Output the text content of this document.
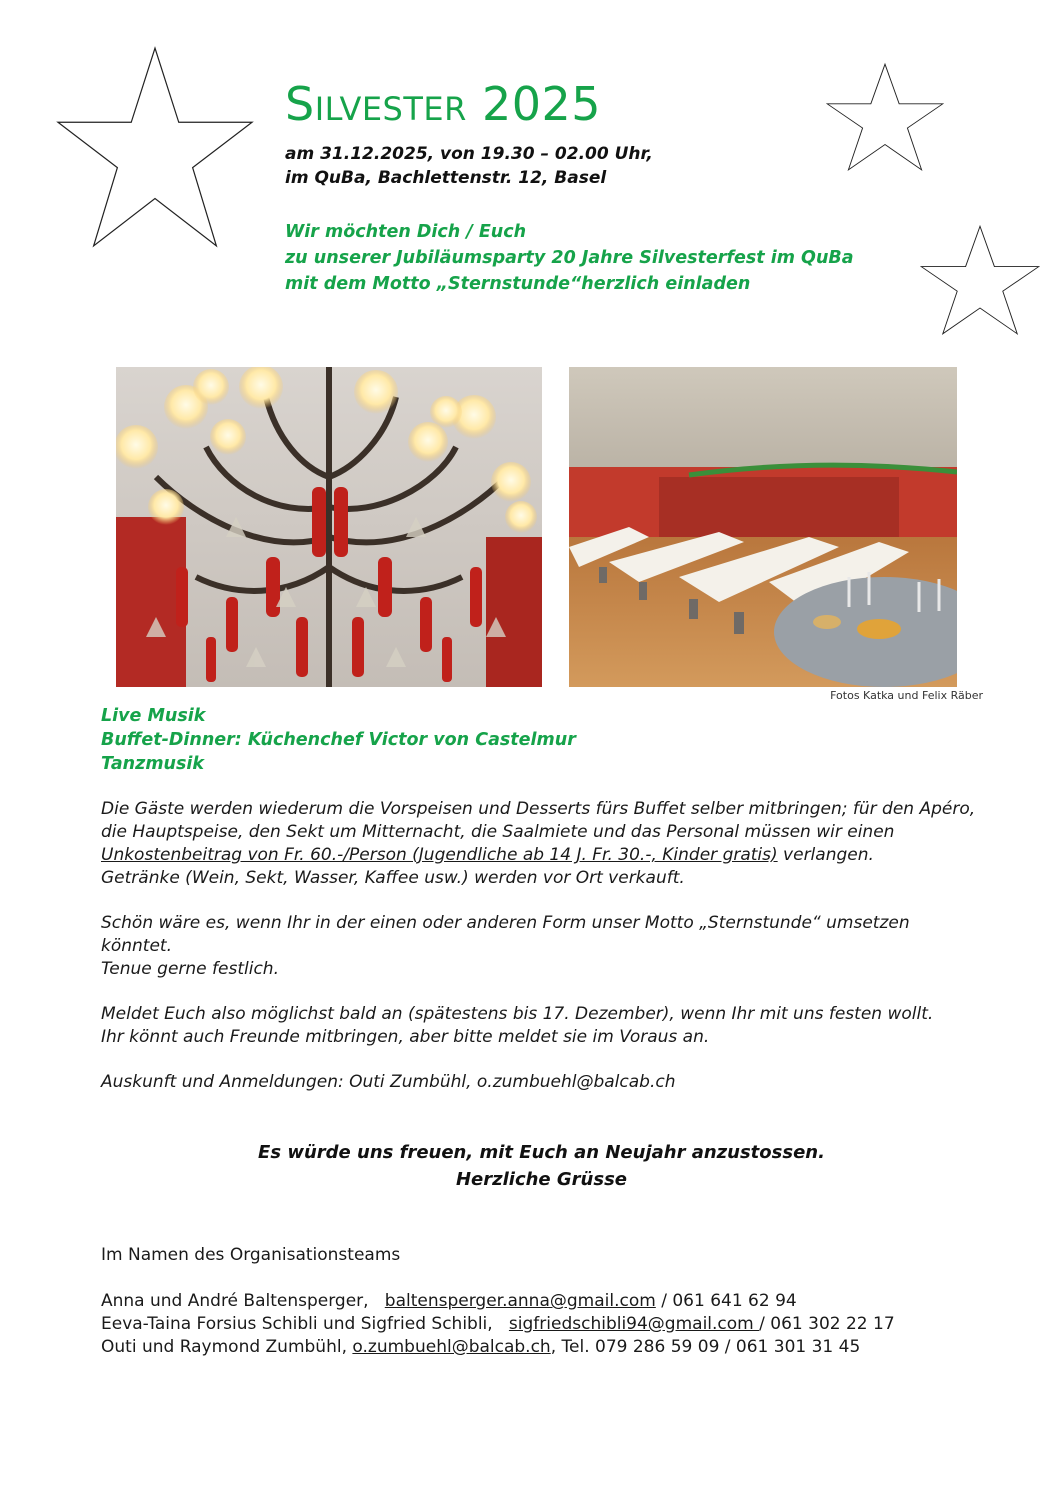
Silvester 2025
am 31.12.2025, von 19.30 – 02.00 Uhr,
im QuBa, Bachlettenstr. 12, Basel
Wir möchten Dich / Euch
zu unserer Jubiläumsparty 20 Jahre Silvesterfest im QuBa
mit dem Motto „Sternstunde“herzlich einladen
Fotos Katka und Felix Räber
Live Musik
Buffet-Dinner: Küchenchef Victor von Castelmur
Tanzmusik

Die Gäste werden wiederum die Vorspeisen und Desserts fürs Buffet selber mitbringen; für den Apéro, die Hauptspeise, den Sekt um Mitternacht, die Saalmiete und das Personal müssen wir einen Unkostenbeitrag von Fr. 60.-/Person (Jugendliche ab 14 J. Fr. 30.-, Kinder gratis) verlangen.

Getränke (Wein, Sekt, Wasser, Kaffee usw.) werden vor Ort verkauft.

Schön wäre es, wenn Ihr in der einen oder anderen Form unser Motto „Sternstunde“ umsetzen könntet.

Tenue gerne festlich.

Meldet Euch also möglichst bald an (spätestens bis 17. Dezember), wenn Ihr mit uns festen wollt.

Ihr könnt auch Freunde mitbringen, aber bitte meldet sie im Voraus an.

Auskunft und Anmeldungen: Outi Zumbühl, o.zumbuehl@balcab.ch

Es würde uns freuen, mit Euch an Neujahr anzustossen.
Herzliche Grüsse
Im Namen des Organisationsteams
Anna und André Baltensperger, baltensperger.anna@gmail.com / 061 641 62 94
Eeva-Taina Forsius Schibli und Sigfried Schibli, sigfriedschibli94@gmail.com / 061 302 22 17
Outi und Raymond Zumbühl, o.zumbuehl@balcab.ch, Tel. 079 286 59 09 / 061 301 31 45
